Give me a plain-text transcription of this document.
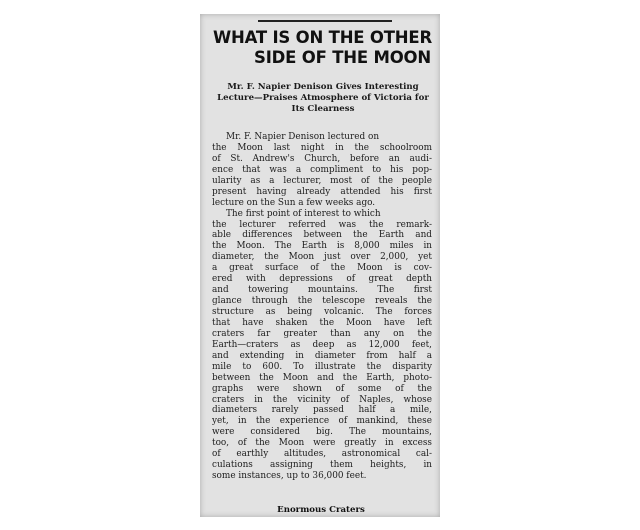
WHAT IS ON THE OTHER
SIDE OF THE MOON

Mr. F. Napier Denison Gives Interesting Lecture—Praises Atmosphere of Victoria for Its Clearness

Mr. F. Napier Denison lectured on
the Moon last night in the schoolroom
of St. Andrew's Church, before an audi-
ence that was a compliment to his pop-
ularity as a lecturer, most of the people
present having already attended his first
lecture on the Sun a few weeks ago.
The first point of interest to which
the lecturer referred was the remark-
able differences between the Earth and
the Moon. The Earth is 8,000 miles in
diameter, the Moon just over 2,000, yet
a great surface of the Moon is cov-
ered with depressions of great depth
and towering mountains. The first
glance through the telescope reveals the
structure as being volcanic. The forces
that have shaken the Moon have left
craters far greater than any on the
Earth—craters as deep as 12,000 feet,
and extending in diameter from half a
mile to 600. To illustrate the disparity
between the Moon and the Earth, photo-
graphs were shown of some of the
craters in the vicinity of Naples, whose
diameters rarely passed half a mile,
yet, in the experience of mankind, these
were considered big. The mountains,
too, of the Moon were greatly in excess
of earthly altitudes, astronomical cal-
culations assigning them heights, in
some instances, up to 36,000 feet.
Enormous Craters
